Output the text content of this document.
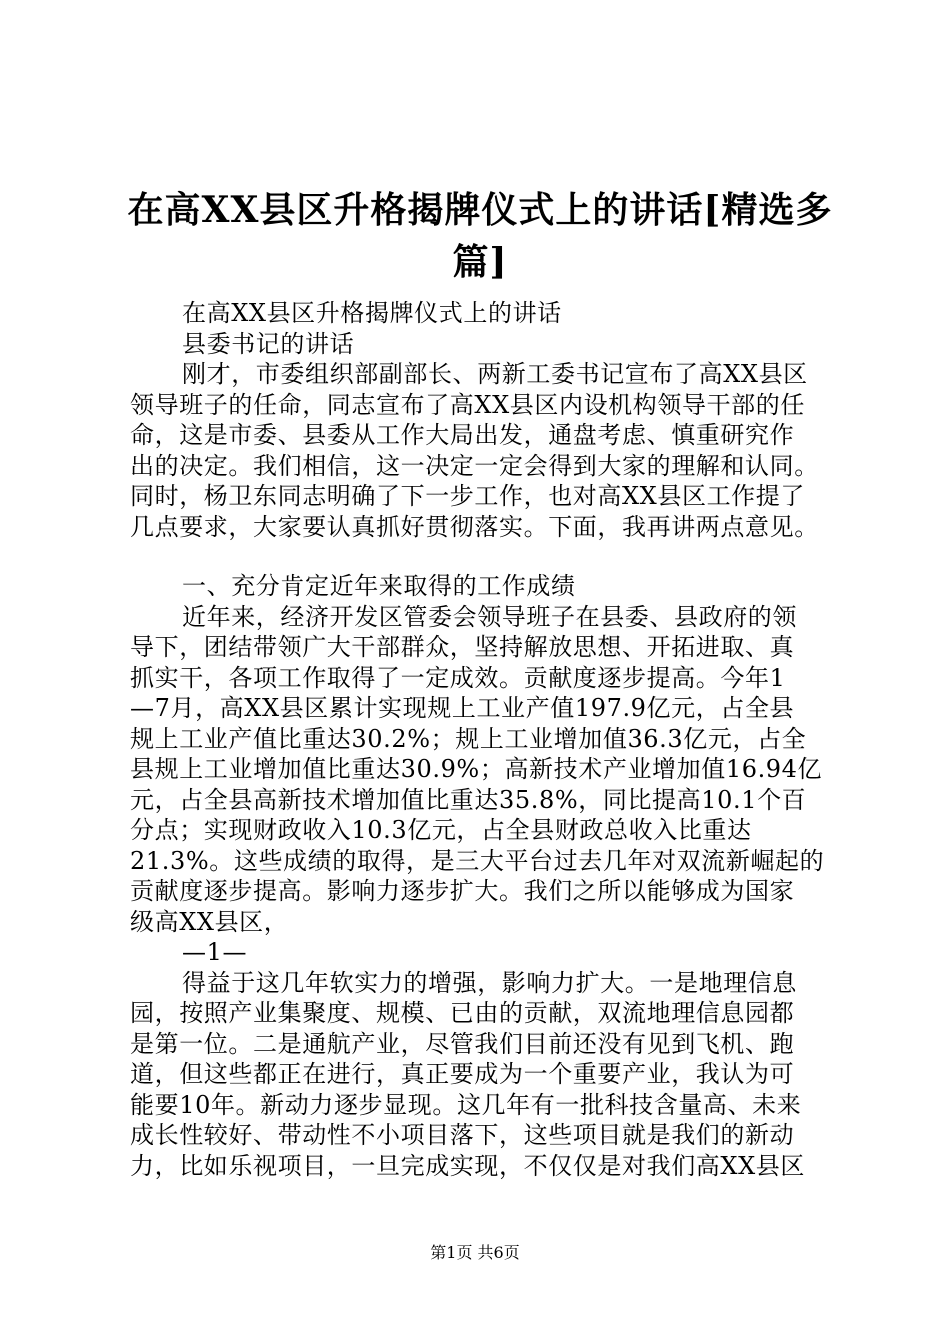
在高XX县区升格揭牌仪式上的讲话[精选多
篇]
在高XX县区升格揭牌仪式上的讲话
县委书记的讲话
刚才，市委组织部副部长、两新工委书记宣布了高XX县区
领导班子的任命，同志宣布了高XX县区内设机构领导干部的任
命，这是市委、县委从工作大局出发，通盘考虑、慎重研究作
出的决定。我们相信，这一决定一定会得到大家的理解和认同。
同时，杨卫东同志明确了下一步工作，也对高XX县区工作提了
几点要求，大家要认真抓好贯彻落实。下面，我再讲两点意见。
一、充分肯定近年来取得的工作成绩
近年来，经济开发区管委会领导班子在县委、县政府的领
导下，团结带领广大干部群众，坚持解放思想、开拓进取、真
抓实干，各项工作取得了一定成效。贡献度逐步提高。今年1
—7月，高XX县区累计实现规上工业产值197.9亿元，占全县
规上工业产值比重达30.2%；规上工业增加值36.3亿元，占全
县规上工业增加值比重达30.9%；高新技术产业增加值16.94亿
元，占全县高新技术增加值比重达35.8%，同比提高10.1个百
分点；实现财政收入10.3亿元，占全县财政总收入比重达
21.3%。这些成绩的取得，是三大平台过去几年对双流新崛起的
贡献度逐步提高。影响力逐步扩大。我们之所以能够成为国家
级高XX县区，
—1—
得益于这几年软实力的增强，影响力扩大。一是地理信息
园，按照产业集聚度、规模、已由的贡献，双流地理信息园都
是第一位。二是通航产业，尽管我们目前还没有见到飞机、跑
道，但这些都正在进行，真正要成为一个重要产业，我认为可
能要10年。新动力逐步显现。这几年有一批科技含量高、未来
成长性较好、带动性不小项目落下，这些项目就是我们的新动
力，比如乐视项目，一旦完成实现，不仅仅是对我们高XX县区
第1页 共6页
